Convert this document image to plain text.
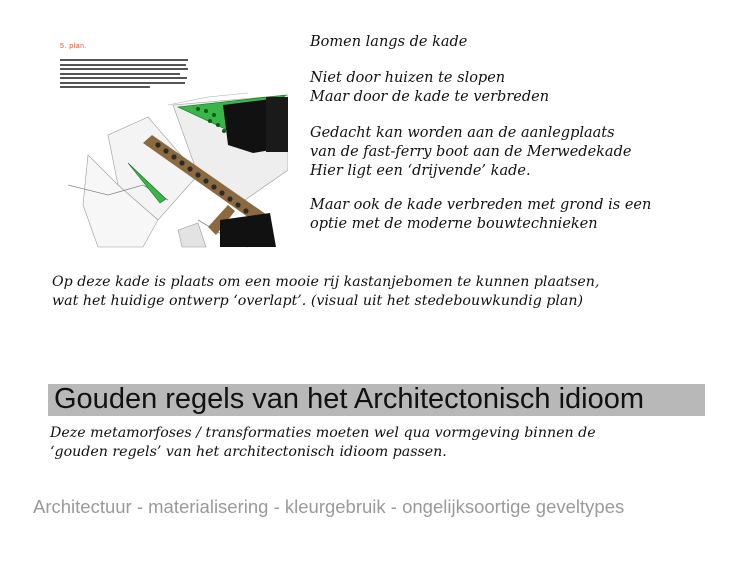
5. plan.	Bomen langs de kade
Niet door huizen te slopen
Maar door de kade te verbreden
Gedacht kan worden aan de aanlegplaats
van de fast-ferry boot aan de Merwedekade
Hier ligt een ‘drijvende’ kade.
Maar ook de kade verbreden met grond is een
optie met de moderne bouwtechnieken
Op deze kade is plaats om een mooie rij kastanjebomen te kunnen plaatsen,
wat het huidige ontwerp ‘overlapt’. (visual uit het stedebouwkundig plan)
Gouden regels van het Architectonisch idioom
Deze metamorfoses / transformaties moeten wel qua vormgeving binnen de
‘gouden regels’ van het architectonisch idioom passen.
Architectuur - materialisering - kleurgebruik - ongelijksoortige geveltypes
